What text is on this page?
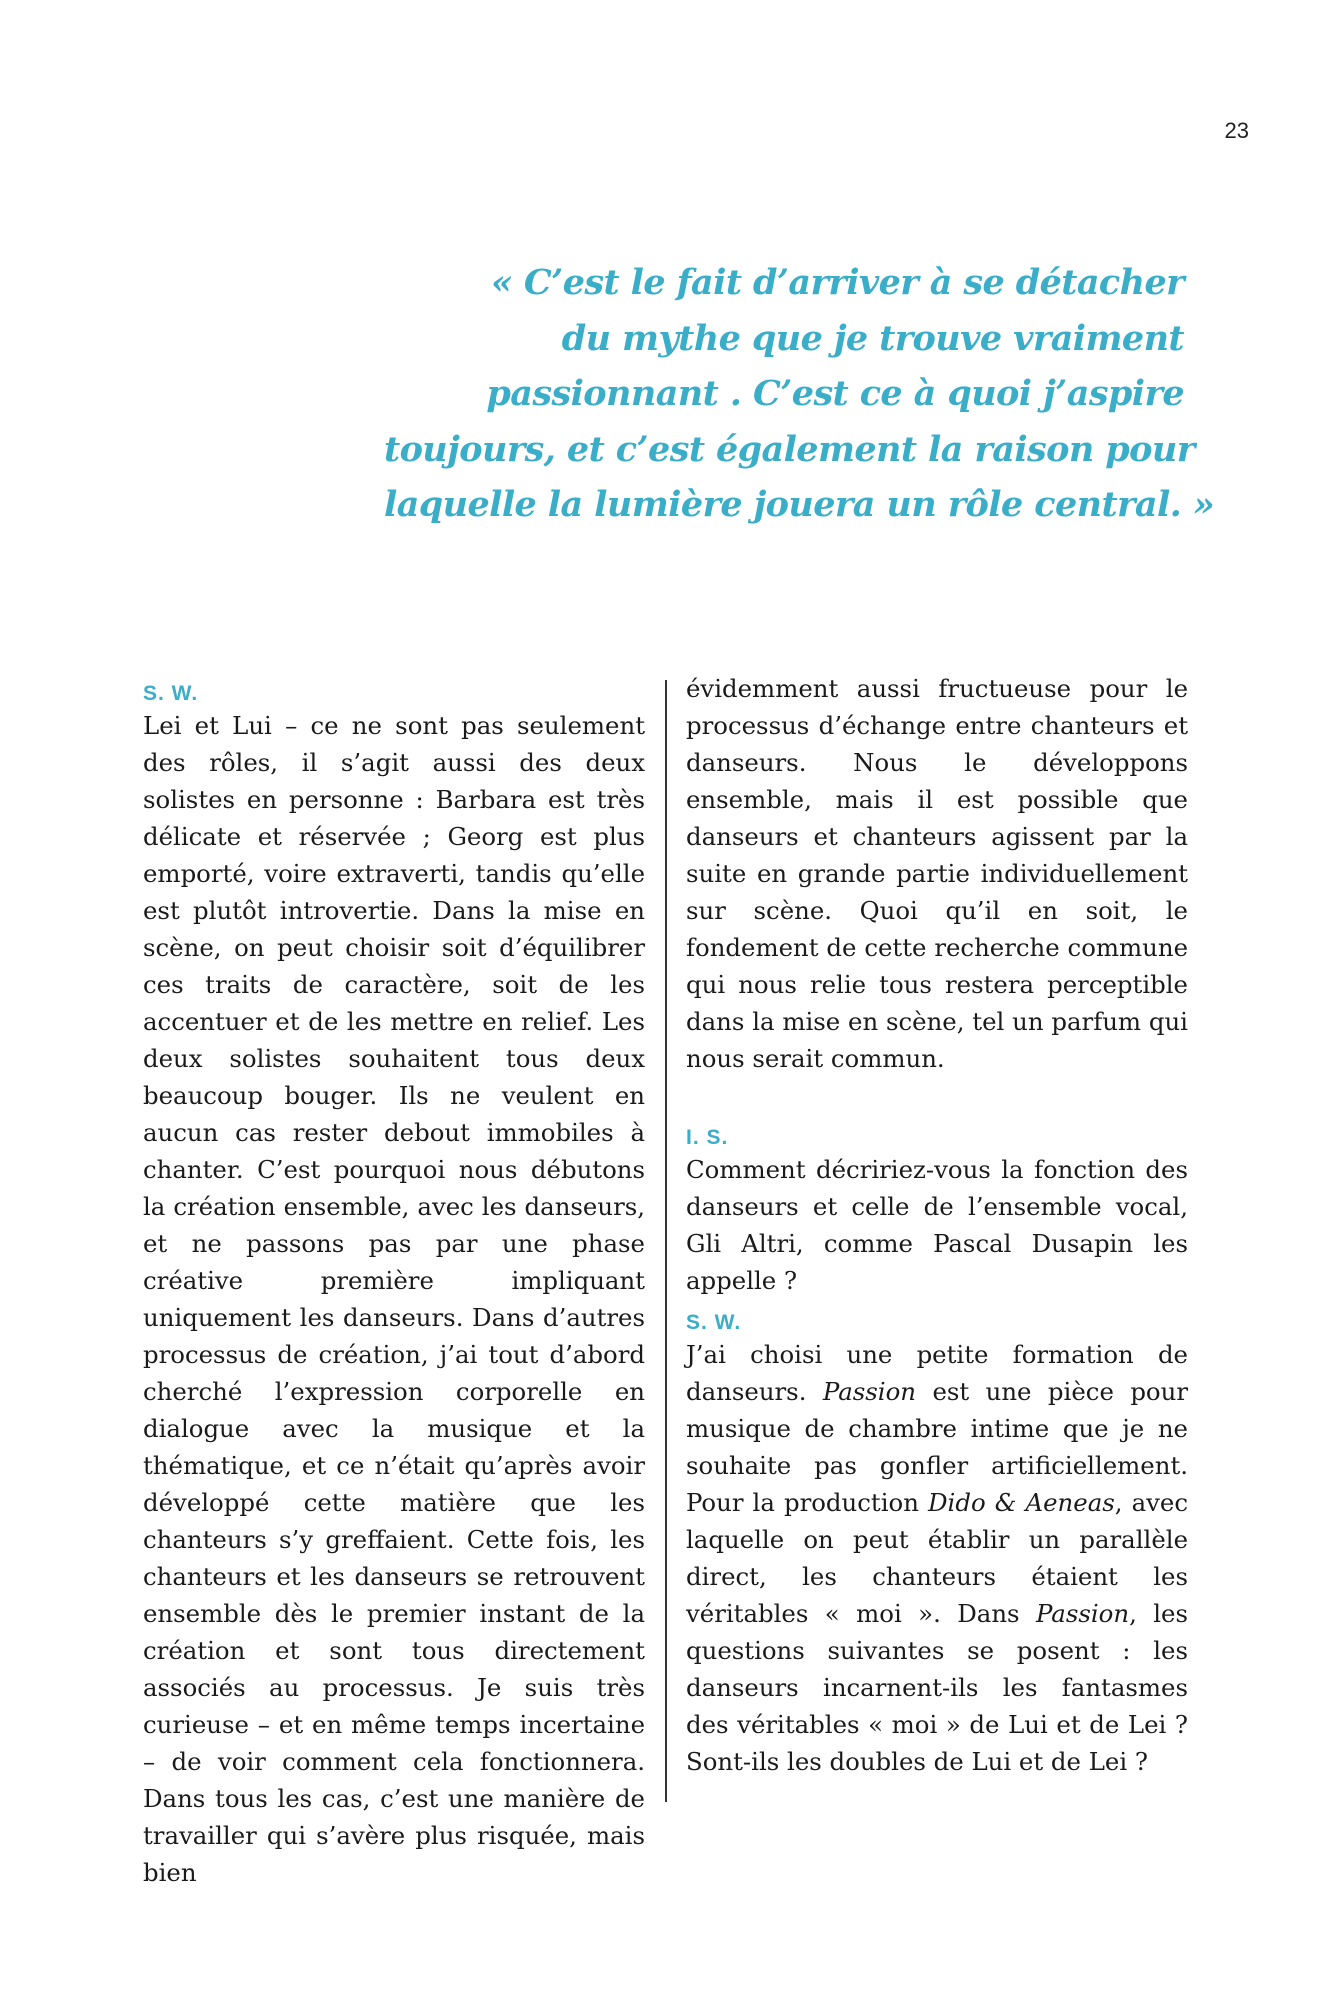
23
« C’est le fait d’arriver à se détacher
du mythe que je trouve vraiment
passionnant . C’est ce à quoi j’aspire
toujours, et c’est également la raison pour
laquelle la lumière jouera un rôle central. »
S. W.

Lei et Lui – ce ne sont pas seulement des rôles, il s’agit aussi des deux solistes en personne : Barbara est très délicate et réservée ; Georg est plus emporté, voire extraverti, tandis qu’elle est plutôt introvertie. Dans la mise en scène, on peut choisir soit d’équilibrer ces traits de caractère, soit de les accentuer et de les mettre en relief. Les deux solistes souhaitent tous deux beaucoup bouger. Ils ne veulent en aucun cas rester debout immobiles à chanter. C’est pourquoi nous débutons la création ensemble, avec les danseurs, et ne passons pas par une phase créative première impliquant uniquement les danseurs. Dans d’autres processus de création, j’ai tout d’abord cherché l’expression corporelle en dialogue avec la musique et la thématique, et ce n’était qu’après avoir développé cette matière que les chanteurs s’y greffaient. Cette fois, les chanteurs et les danseurs se retrouvent ensemble dès le premier instant de la création et sont tous directement associés au processus. Je suis très curieuse – et en même temps incertaine – de voir comment cela fonctionnera. Dans tous les cas, c’est une manière de travailler qui s’avère plus risquée, mais bien

évidemment aussi fructueuse pour le processus d’échange entre chanteurs et danseurs. Nous le développons ensemble, mais il est possible que danseurs et chanteurs agissent par la suite en grande partie individuellement sur scène. Quoi qu’il en soit, le fondement de cette recherche commune qui nous relie tous restera perceptible dans la mise en scène, tel un parfum qui nous serait commun.

I. S.

Comment décririez-vous la fonction des danseurs et celle de l’ensemble vocal, Gli Altri, comme Pascal Dusapin les appelle ?

S. W.

J’ai choisi une petite formation de danseurs. Passion est une pièce pour musique de chambre intime que je ne souhaite pas gonfler artificiellement. Pour la production Dido & Aeneas, avec laquelle on peut établir un parallèle direct, les chanteurs étaient les véritables « moi ». Dans Passion, les questions suivantes se posent : les danseurs incarnent-ils les fantasmes des véritables « moi » de Lui et de Lei ? Sont-ils les doubles de Lui et de Lei ?
